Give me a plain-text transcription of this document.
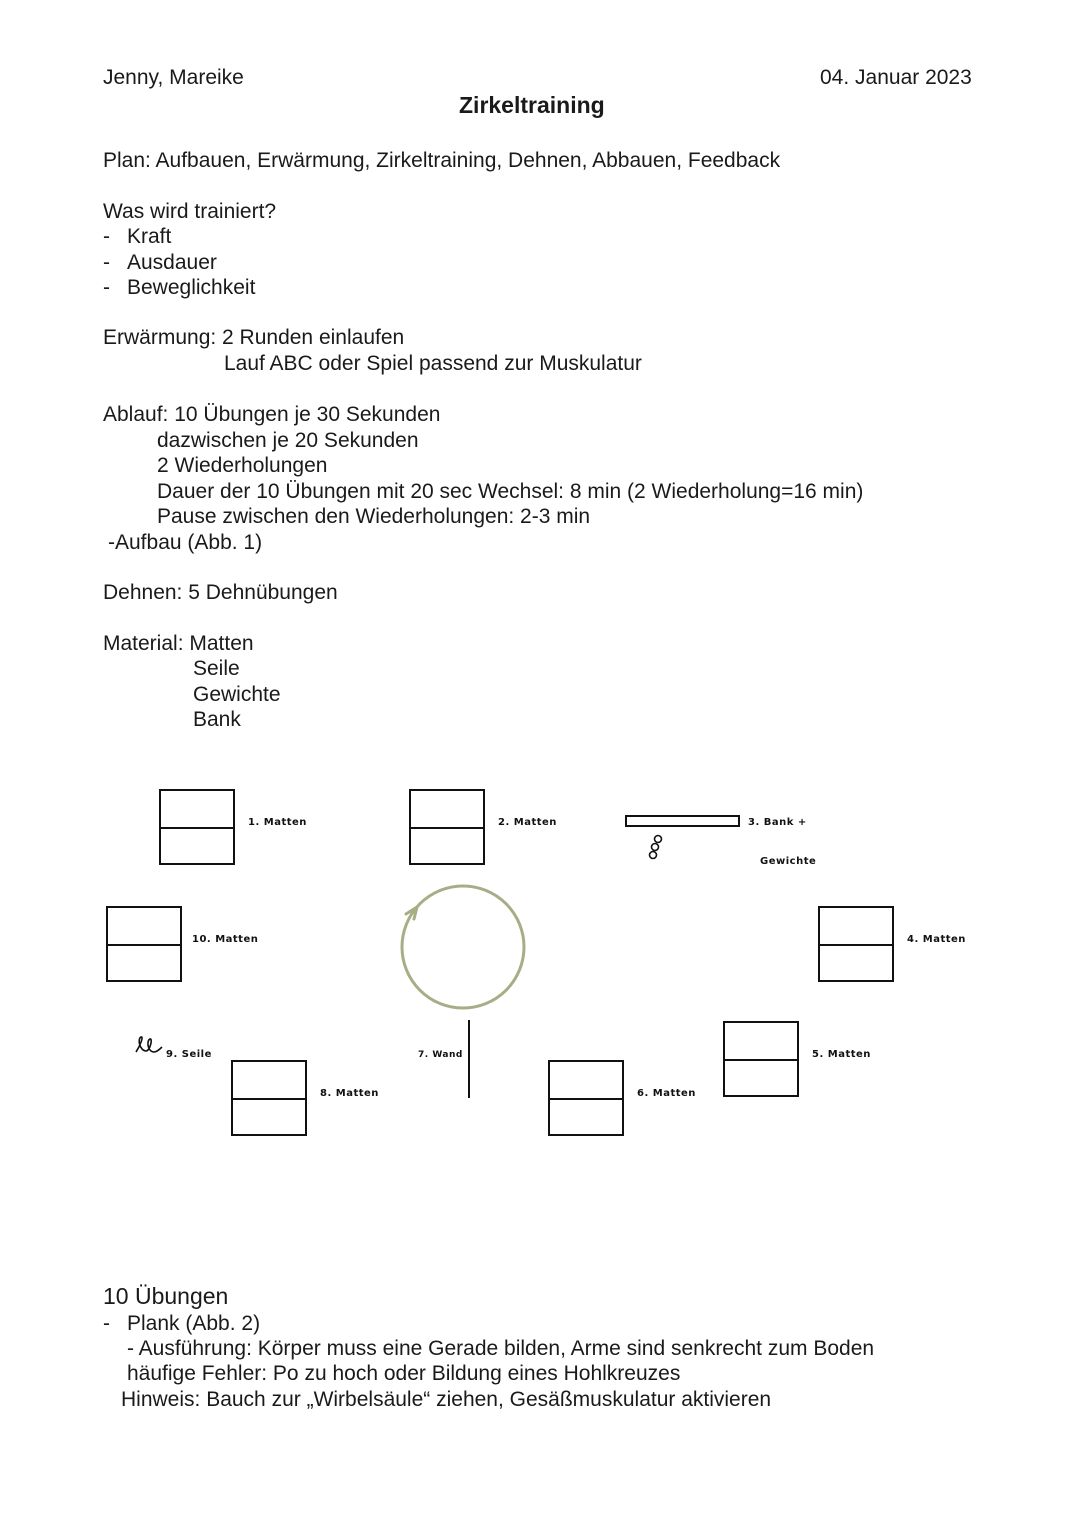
Jenny, Mareike	04. Januar 2023
Zirkeltraining
Plan: Aufbauen, Erwärmung, Zirkeltraining, Dehnen, Abbauen, Feedback
Was wird trainiert?
- Kraft
- Ausdauer
- Beweglichkeit
Erwärmung: 2 Runden einlaufen
Lauf ABC oder Spiel passend zur Muskulatur
Ablauf: 10 Übungen je 30 Sekunden
dazwischen je 20 Sekunden
2 Wiederholungen
Dauer der 10 Übungen mit 20 sec Wechsel: 8 min (2 Wiederholung=16 min)
Pause zwischen den Wiederholungen: 2-3 min
-Aufbau (Abb. 1)
Dehnen: 5 Dehnübungen
Material: Matten
Seile
Gewichte
Bank
1. Matten	2. Matten	3. Bank +
Gewichte
4. Matten
5. Matten
6. Matten
7. Wand
8. Matten
9. Seile
10. Matten
10 Übungen
- Plank (Abb. 2)
- Ausführung: Körper muss eine Gerade bilden, Arme sind senkrecht zum Boden
häufige Fehler: Po zu hoch oder Bildung eines Hohlkreuzes
Hinweis: Bauch zur „Wirbelsäule“ ziehen, Gesäßmuskulatur aktivieren
